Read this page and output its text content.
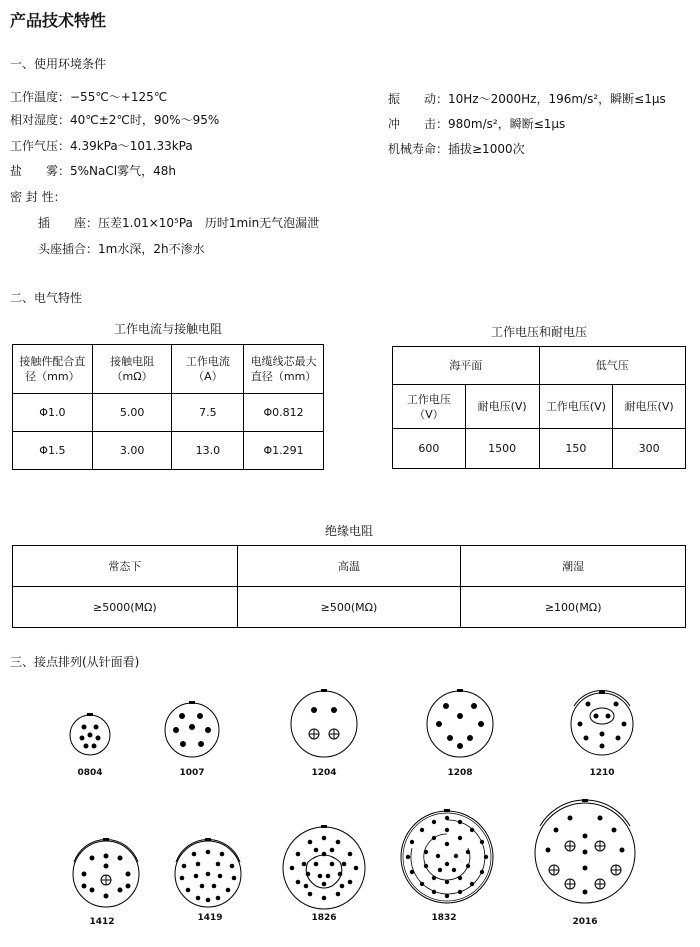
产品技术特性
一、使用环境条件
工作温度：−55℃～+125℃
相对湿度：40℃±2℃时，90%～95%
工作气压：4.39kPa～101.33kPa
盐　　雾：5%NaCl雾气，48h
密 封 性：
插　　座：压差1.01×10⁵Pa　历时1min无气泡漏泄
头座插合：1m水深，2h不渗水
振　　动：10Hz～2000Hz，196m/s²，瞬断≤1μs
冲　　击：980m/s²，瞬断≤1μs
机械寿命：插拔≥1000次
二、电气特性
工作电流与接触电阻
接触件配合直径（mm）	接触电阻（mΩ）	工作电流（A）	电缆线芯最大直径（mm）
Φ1.0	5.00	7.5	Φ0.812
Φ1.5	3.00	13.0	Φ1.291
工作电压和耐电压
海平面		低气压	
工作电压（V）	耐电压(V)	工作电压(V)	耐电压(V)
600	1500	150	300
绝缘电阻
常态下	高温	潮湿
≥5000(MΩ)	≥500(MΩ)	≥100(MΩ)
三、接点排列(从针面看)
0804	1007	1204	1208	1210
1412	1419	1826	1832	2016
